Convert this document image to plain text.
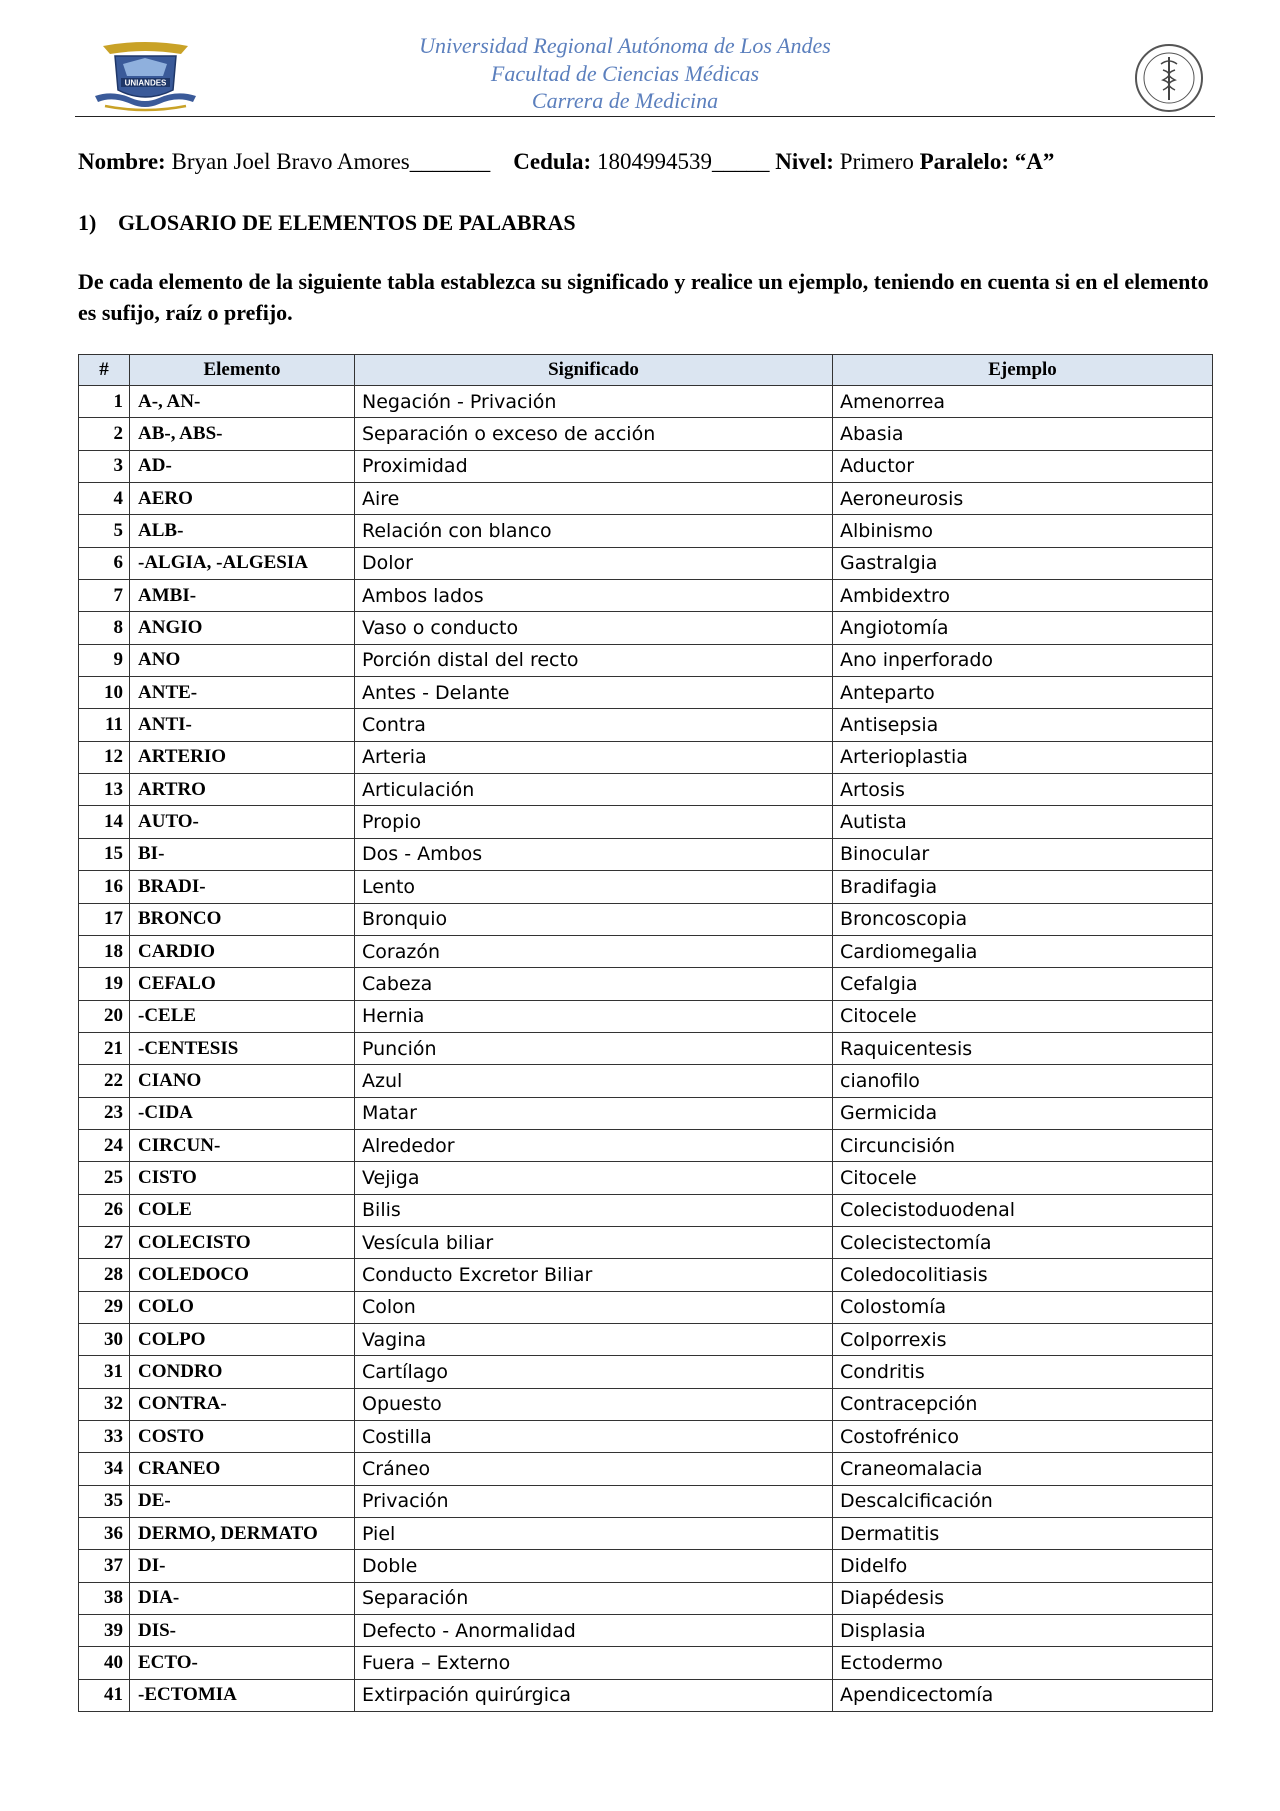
UNIANDES
Universidad Regional Autónoma de Los Andes
Facultad de Ciencias Médicas
Carrera de Medicina
Nombre: Bryan Joel Bravo Amores_______ Cedula: 1804994539_____ Nivel: Primero Paralelo: “A”
1) GLOSARIO DE ELEMENTOS DE PALABRAS
De cada elemento de la siguiente tabla establezca su significado y realice un ejemplo, teniendo en cuenta si en el elemento es sufijo, raíz o prefijo.
#	Elemento	Significado	Ejemplo
1	A-, AN-	Negación - Privación	Amenorrea
2	AB-, ABS-	Separación o exceso de acción	Abasia
3	AD-	Proximidad	Aductor
4	AERO	Aire	Aeroneurosis
5	ALB-	Relación con blanco	Albinismo
6	-ALGIA, -ALGESIA	Dolor	Gastralgia
7	AMBI-	Ambos lados	Ambidextro
8	ANGIO	Vaso o conducto	Angiotomía
9	ANO	Porción distal del recto	Ano inperforado
10	ANTE-	Antes - Delante	Anteparto
11	ANTI-	Contra	Antisepsia
12	ARTERIO	Arteria	Arterioplastia
13	ARTRO	Articulación	Artosis
14	AUTO-	Propio	Autista
15	BI-	Dos - Ambos	Binocular
16	BRADI-	Lento	Bradifagia
17	BRONCO	Bronquio	Broncoscopia
18	CARDIO	Corazón	Cardiomegalia
19	CEFALO	Cabeza	Cefalgia
20	-CELE	Hernia	Citocele
21	-CENTESIS	Punción	Raquicentesis
22	CIANO	Azul	cianofilo
23	-CIDA	Matar	Germicida
24	CIRCUN-	Alrededor	Circuncisión
25	CISTO	Vejiga	Citocele
26	COLE	Bilis	Colecistoduodenal
27	COLECISTO	Vesícula biliar	Colecistectomía
28	COLEDOCO	Conducto Excretor Biliar	Coledocolitiasis
29	COLO	Colon	Colostomía
30	COLPO	Vagina	Colporrexis
31	CONDRO	Cartílago	Condritis
32	CONTRA-	Opuesto	Contracepción
33	COSTO	Costilla	Costofrénico
34	CRANEO	Cráneo	Craneomalacia
35	DE-	Privación	Descalcificación
36	DERMO, DERMATO	Piel	Dermatitis
37	DI-	Doble	Didelfo
38	DIA-	Separación	Diapédesis
39	DIS-	Defecto - Anormalidad	Displasia
40	ECTO-	Fuera – Externo	Ectodermo
41	-ECTOMIA	Extirpación quirúrgica	Apendicectomía
